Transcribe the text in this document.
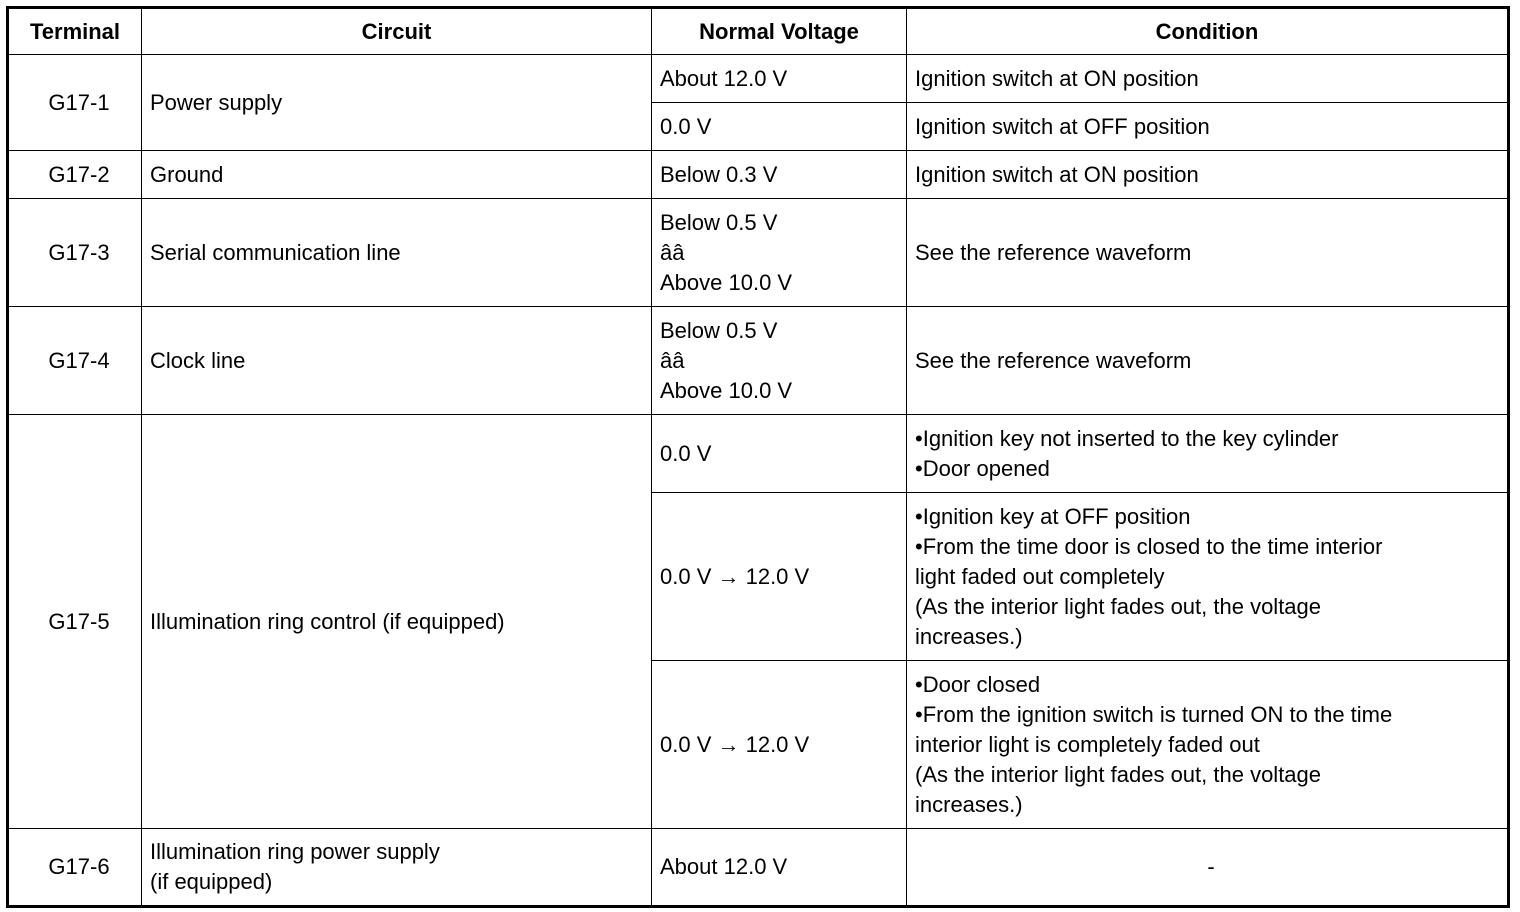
Terminal	Circuit	Normal Voltage	Condition
G17-1	Power supply	About 12.0 V	Ignition switch at ON position
		0.0 V	Ignition switch at OFF position
G17-2	Ground	Below 0.3 V	Ignition switch at ON position
G17-3	Serial communication line	Below 0.5 V
ââ
Above 10.0 V	See the reference waveform
G17-4	Clock line	Below 0.5 V
ââ
Above 10.0 V	See the reference waveform
G17-5	Illumination ring control (if equipped)	0.0 V	•Ignition key not inserted to the key cylinder
•Door opened

		0.0 V → 12.0 V	•Ignition key at OFF position
•From the time door is closed to the time interior
light faded out completely
(As the interior light fades out, the voltage
increases.)

		0.0 V → 12.0 V	•Door closed
•From the ignition switch is turned ON to the time
interior light is completely faded out
(As the interior light fades out, the voltage
increases.)

G17-6	Illumination ring power supply
(if equipped)	About 12.0 V	-
